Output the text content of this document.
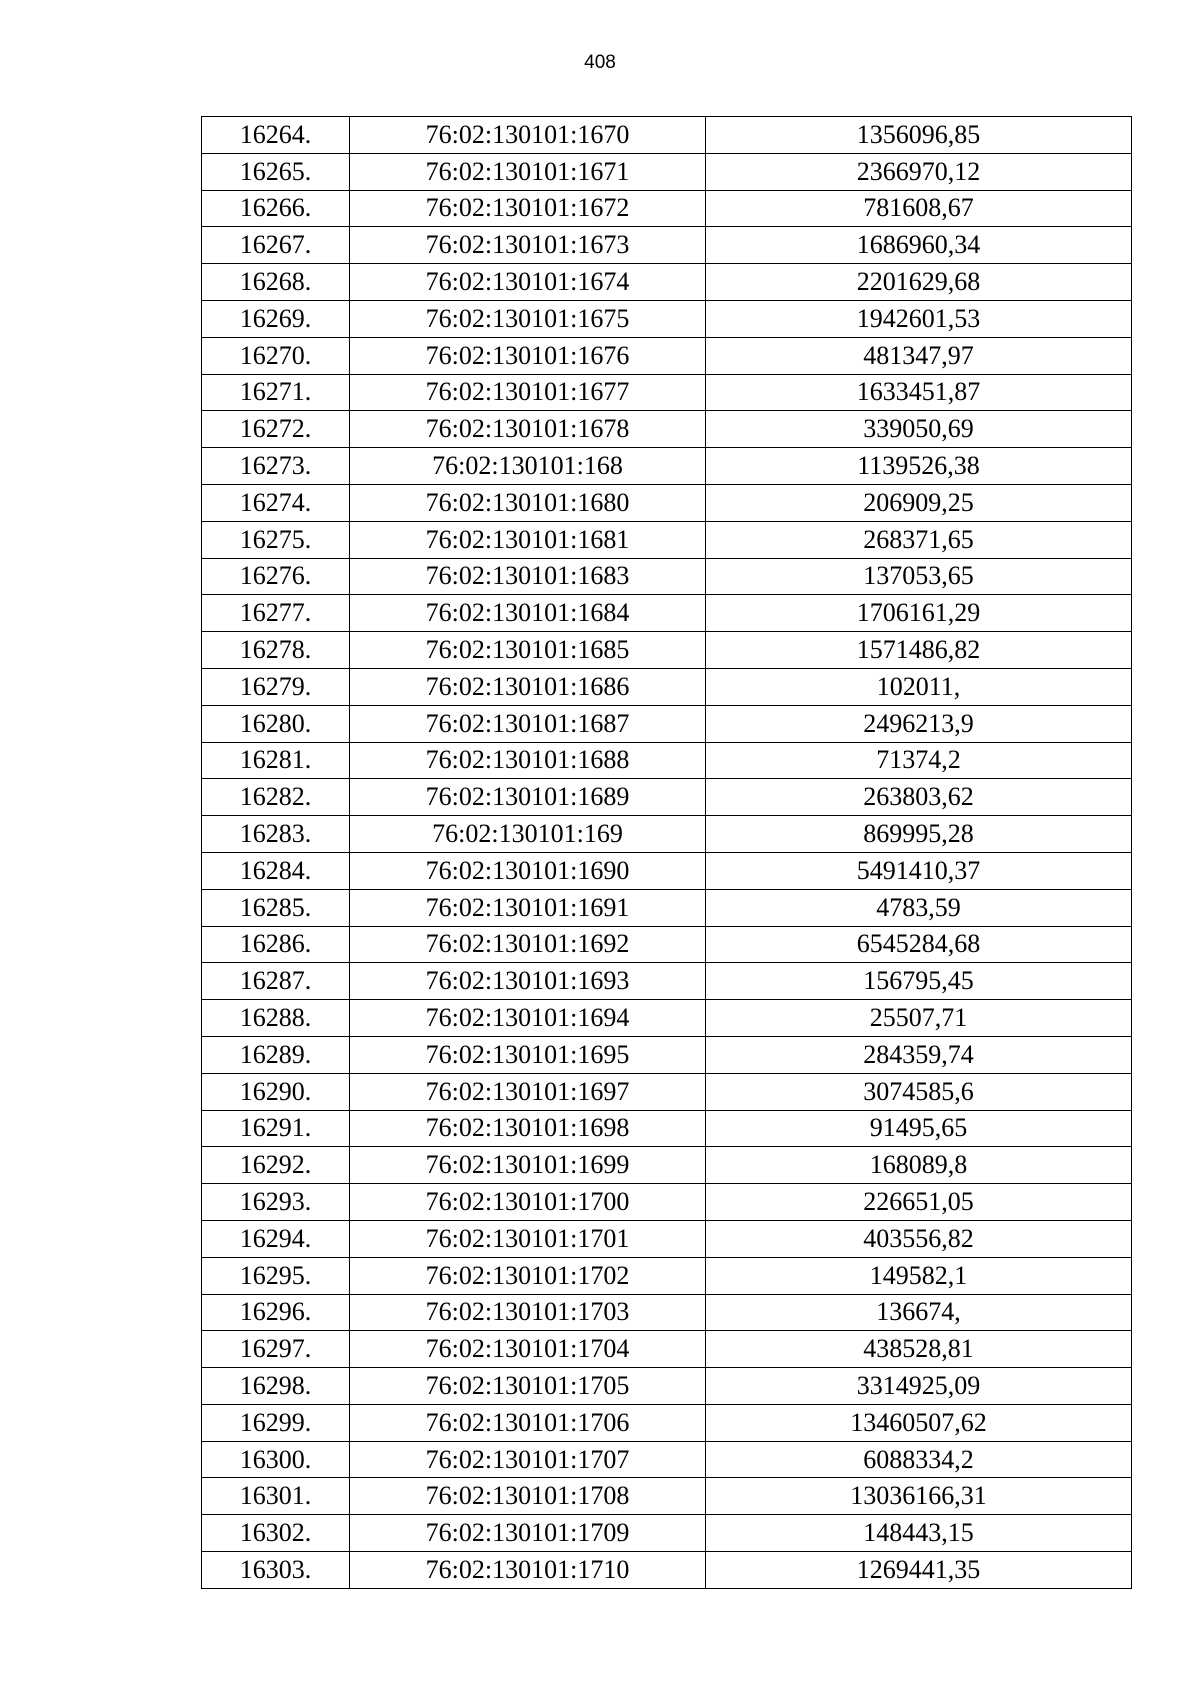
408
16264.	76:02:130101:1670	1356096,85
16265.	76:02:130101:1671	2366970,12
16266.	76:02:130101:1672	781608,67
16267.	76:02:130101:1673	1686960,34
16268.	76:02:130101:1674	2201629,68
16269.	76:02:130101:1675	1942601,53
16270.	76:02:130101:1676	481347,97
16271.	76:02:130101:1677	1633451,87
16272.	76:02:130101:1678	339050,69
16273.	76:02:130101:168	1139526,38
16274.	76:02:130101:1680	206909,25
16275.	76:02:130101:1681	268371,65
16276.	76:02:130101:1683	137053,65
16277.	76:02:130101:1684	1706161,29
16278.	76:02:130101:1685	1571486,82
16279.	76:02:130101:1686	102011,
16280.	76:02:130101:1687	2496213,9
16281.	76:02:130101:1688	71374,2
16282.	76:02:130101:1689	263803,62
16283.	76:02:130101:169	869995,28
16284.	76:02:130101:1690	5491410,37
16285.	76:02:130101:1691	4783,59
16286.	76:02:130101:1692	6545284,68
16287.	76:02:130101:1693	156795,45
16288.	76:02:130101:1694	25507,71
16289.	76:02:130101:1695	284359,74
16290.	76:02:130101:1697	3074585,6
16291.	76:02:130101:1698	91495,65
16292.	76:02:130101:1699	168089,8
16293.	76:02:130101:1700	226651,05
16294.	76:02:130101:1701	403556,82
16295.	76:02:130101:1702	149582,1
16296.	76:02:130101:1703	136674,
16297.	76:02:130101:1704	438528,81
16298.	76:02:130101:1705	3314925,09
16299.	76:02:130101:1706	13460507,62
16300.	76:02:130101:1707	6088334,2
16301.	76:02:130101:1708	13036166,31
16302.	76:02:130101:1709	148443,15
16303.	76:02:130101:1710	1269441,35
